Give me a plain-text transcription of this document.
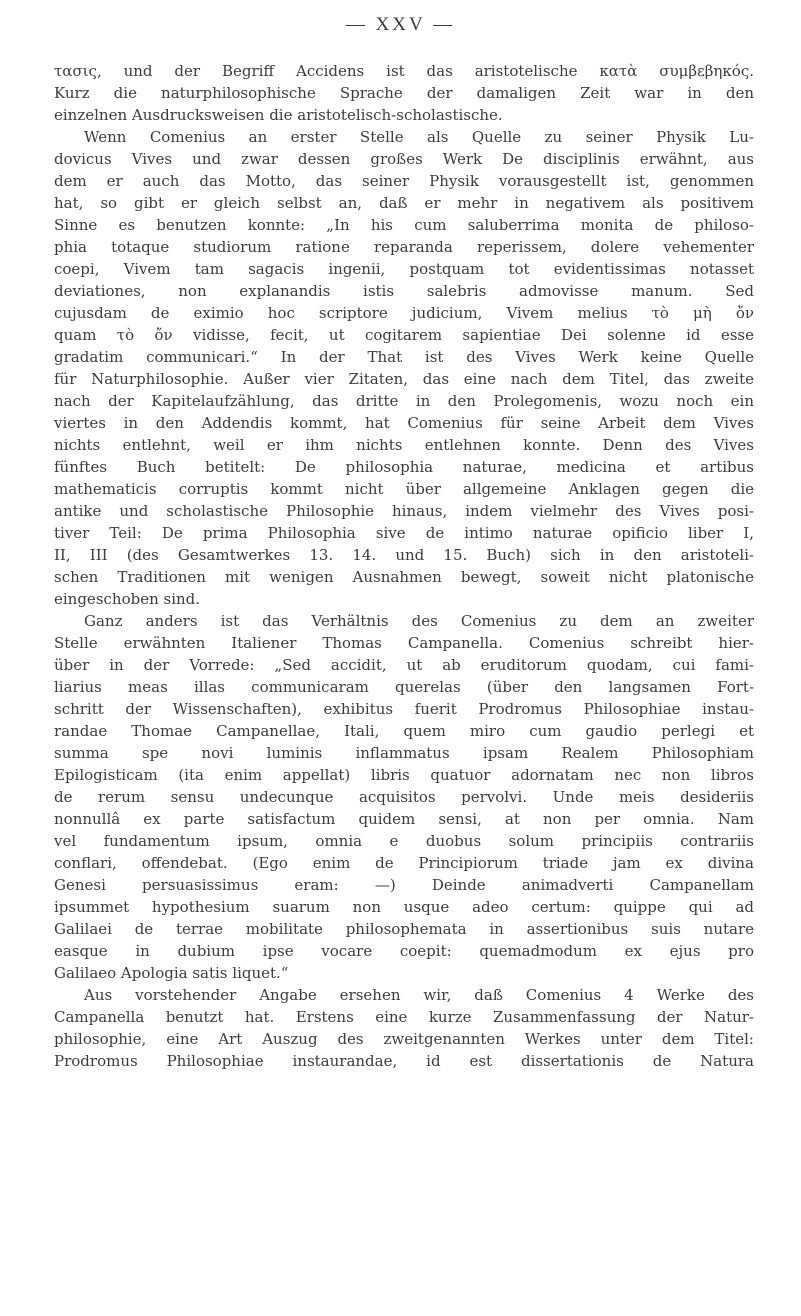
— XXV —
τασις, und der Begriff Accidens ist das aristotelische κατὰ συμβεβηκός.
Kurz die naturphilosophische Sprache der damaligen Zeit war in den
einzelnen Ausdrucksweisen die aristotelisch-scholastische.
Wenn Comenius an erster Stelle als Quelle zu seiner Physik Lu-
dovicus Vives und zwar dessen großes Werk De disciplinis erwähnt, aus
dem er auch das Motto, das seiner Physik vorausgestellt ist, genommen
hat, so gibt er gleich selbst an, daß er mehr in negativem als positivem
Sinne es benutzen konnte: „In his cum saluberrima monita de philoso-
phia totaque studiorum ratione reparanda reperissem, dolere vehementer
coepi, Vivem tam sagacis ingenii, postquam tot evidentissimas notasset
deviationes, non explanandis istis salebris admovisse manum. Sed
cujusdam de eximio hoc scriptore judicium, Vivem melius τὸ μὴ ὄν
quam τὸ ὄν vidisse, fecit, ut cogitarem sapientiae Dei solenne id esse
gradatim communicari.“ In der That ist des Vives Werk keine Quelle
für Naturphilosophie. Außer vier Zitaten, das eine nach dem Titel, das zweite
nach der Kapitelaufzählung, das dritte in den Prolegomenis, wozu noch ein
viertes in den Addendis kommt, hat Comenius für seine Arbeit dem Vives
nichts entlehnt, weil er ihm nichts entlehnen konnte. Denn des Vives
fünftes Buch betitelt: De philosophia naturae, medicina et artibus
mathematicis corruptis kommt nicht über allgemeine Anklagen gegen die
antike und scholastische Philosophie hinaus, indem vielmehr des Vives posi-
tiver Teil: De prima Philosophia sive de intimo naturae opificio liber I,
II, III (des Gesamtwerkes 13. 14. und 15. Buch) sich in den aristoteli-
schen Traditionen mit wenigen Ausnahmen bewegt, soweit nicht platonische
eingeschoben sind.
Ganz anders ist das Verhältnis des Comenius zu dem an zweiter
Stelle erwähnten Italiener Thomas Campanella. Comenius schreibt hier-
über in der Vorrede: „Sed accidit, ut ab eruditorum quodam, cui fami-
liarius meas illas communicaram querelas (über den langsamen Fort-
schritt der Wissenschaften), exhibitus fuerit Prodromus Philosophiae instau-
randae Thomae Campanellae, Itali, quem miro cum gaudio perlegi et
summa spe novi luminis inflammatus ipsam Realem Philosophiam
Epilogisticam (ita enim appellat) libris quatuor adornatam nec non libros
de rerum sensu undecunque acquisitos pervolvi. Unde meis desideriis
nonnullâ ex parte satisfactum quidem sensi, at non per omnia. Nam
vel fundamentum ipsum, omnia e duobus solum principiis contrariis
conflari, offendebat. (Ego enim de Principiorum triade jam ex divina
Genesi persuasissimus eram: —) Deinde animadverti Campanellam
ipsummet hypothesium suarum non usque adeo certum: quippe qui ad
Galilaei de terrae mobilitate philosophemata in assertionibus suis nutare
easque in dubium ipse vocare coepit: quemadmodum ex ejus pro
Galilaeo Apologia satis liquet.“
Aus vorstehender Angabe ersehen wir, daß Comenius 4 Werke des
Campanella benutzt hat. Erstens eine kurze Zusammenfassung der Natur-
philosophie, eine Art Auszug des zweitgenannten Werkes unter dem Titel:
Prodromus Philosophiae instaurandae, id est dissertationis de Natura
